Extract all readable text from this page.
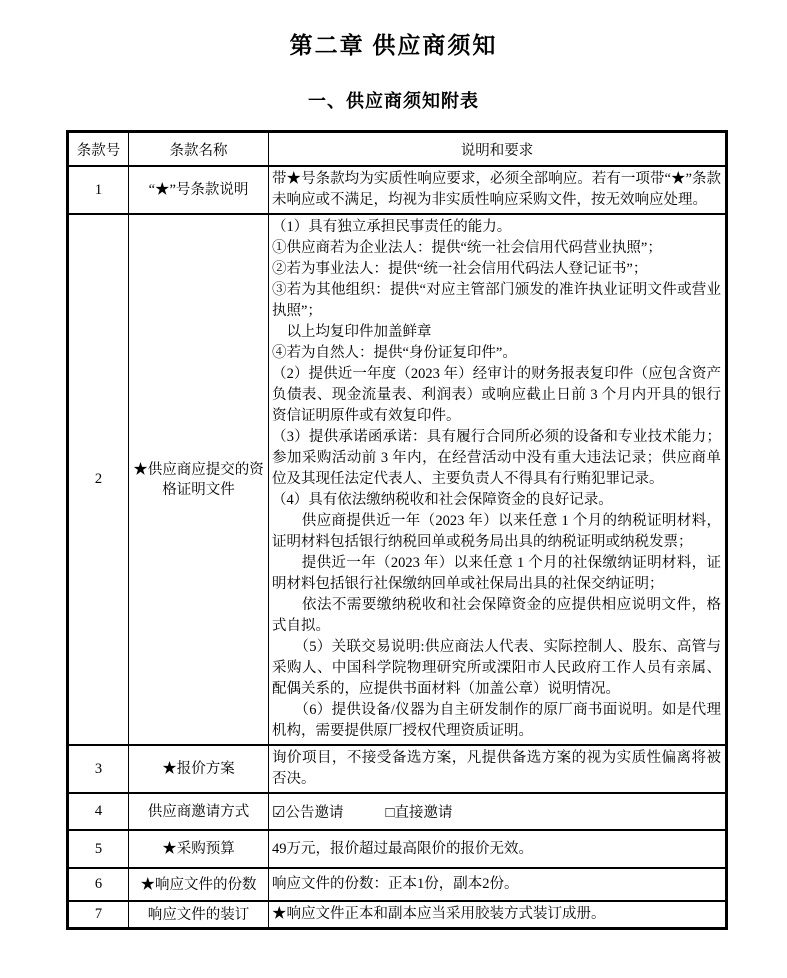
第二章 供应商须知
一、供应商须知附表
条款号	条款名称	说明和要求
1	“★”号条款说明	带★号条款均为实质性响应要求，必须全部响应。若有一项带“★”条款未响应或不满足，均视为非实质性响应采购文件，按无效响应处理。

2	★供应商应提交的资格证明文件	
（1）具有独立承担民事责任的能力。
①供应商若为企业法人：提供“统一社会信用代码营业执照”；
②若为事业法人：提供“统一社会信用代码法人登记证书”；
③若为其他组织：提供“对应主管部门颁发的准许执业证明文件或营业执照”；
　以上均复印件加盖鲜章
④若为自然人：提供“身份证复印件”。
（2）提供近一年度（2023 年）经审计的财务报表复印件（应包含资产负债表、现金流量表、利润表）或响应截止日前 3 个月内开具的银行资信证明原件或有效复印件。
（3）提供承诺函承诺：具有履行合同所必须的设备和专业技术能力；参加采购活动前 3 年内，在经营活动中没有重大违法记录；供应商单位及其现任法定代表人、主要负责人不得具有行贿犯罪记录。
（4）具有依法缴纳税收和社会保障资金的良好记录。
　　供应商提供近一年（2023 年）以来任意 1 个月的纳税证明材料，证明材料包括银行纳税回单或税务局出具的纳税证明或纳税发票；
　　提供近一年（2023 年）以来任意 1 个月的社保缴纳证明材料，证明材料包括银行社保缴纳回单或社保局出具的社保交纳证明；
　　依法不需要缴纳税收和社会保障资金的应提供相应说明文件，格式自拟。
　　（5）关联交易说明:供应商法人代表、实际控制人、股东、高管与采购人、中国科学院物理研究所或溧阳市人民政府工作人员有亲属、配偶关系的，应提供书面材料（加盖公章）说明情况。
　　（6）提供设备/仪器为自主研发制作的原厂商书面说明。如是代理机构，需要提供原厂授权代理资质证明。

3	★报价方案	询价项目，不接受备选方案，凡提供备选方案的视为实质性偏离将被否决。

4	供应商邀请方式	☑公告邀请 □直接邀请
5	★采购预算	49万元，报价超过最高限价的报价无效。

6	★响应文件的份数	响应文件的份数：正本1份，副本2份。

7	响应文件的装订	★响应文件正本和副本应当采用胶装方式装订成册。
